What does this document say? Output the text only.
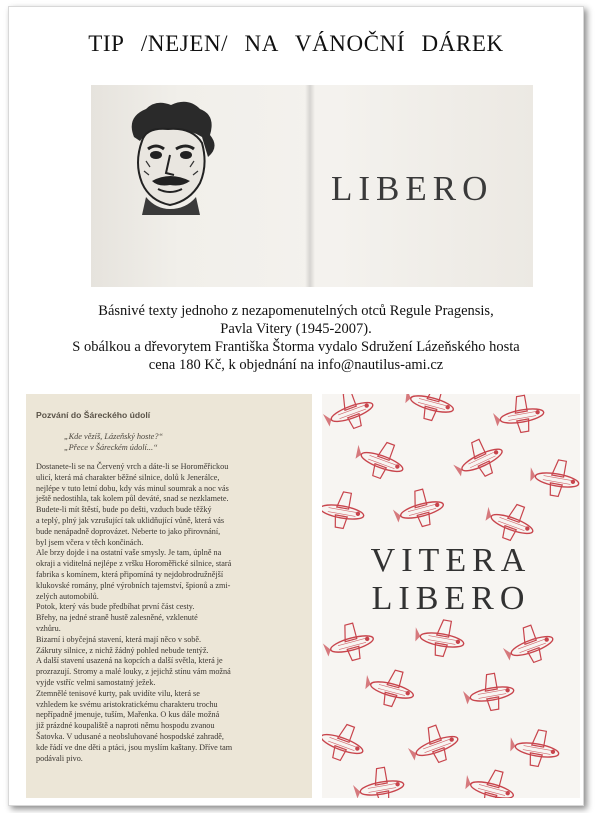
TIP /NEJEN/ NA VÁNOČNÍ DÁREK
LIBERO
Básnivé texty jednoho z nezapomenutelných otců Regule Pragensis,
Pavla Vitery (1945-2007).
S obálkou a dřevorytem Františka Štorma vydalo Sdružení Lázeňského hosta
cena 180 Kč, k objednání na info@nautilus-ami.cz
Pozvání do Šáreckého údolí
„Kde vězíš, Lázeňský hoste?“
„Přece v Šáreckém údolí...“
Dostanete-li se na Červený vrch a dáte-li se Horoměřickou
ulicí, která má charakter běžné silnice, dolů k Jenerálce,
nejlépe v tuto letní dobu, kdy vás minul soumrak a noc vás
ještě nedostihla, tak kolem půl deváté, snad se nezklamete.
Budete-li mít štěstí, bude po dešti, vzduch bude těžký
a teplý, plný jak vzrušující tak uklidňující vůně, která vás
bude nenápadně doprovázet. Neberte to jako přirovnání,
byl jsem včera v těch končinách.
Ale brzy dojde i na ostatní vaše smysly. Je tam, úplně na
okraji a viditelná nejlépe z vršku Horoměřické silnice, stará
fabrika s komínem, která připomíná ty nejdobrodružnější
klukovské romány, plné výrobních tajemství, špionů a zmi-
zelých automobilů.
Potok, který vás bude předbíhat první část cesty.
Břehy, na jedné straně hustě zalesněné, vzklenuté
vzhůru.
Bizarní i obyčejná stavení, která mají něco v sobě.
Zákruty silnice, z nichž žádný pohled nebude tentýž.
A další stavení usazená na kopcích a další světla, která je
prozrazují. Stromy a malé louky, z jejichž stínu vám možná
vyjde vstříc velmi samostatný ježek.
Ztemnělé tenisové kurty, pak uvidíte vilu, která se
vzhledem ke svému aristokratickému charakteru trochu
nepřípadně jmenuje, tuším, Mařenka. O kus dále možná
již prázdné koupaliště a naproti němu hospodu zvanou
Šatovka. V udusané a neobsluhované hospodské zahradě,
kde řádí ve dne děti a ptáci, jsou myslím kaštany. Dříve tam
podávali pivo.
VITERA
LIBERO
